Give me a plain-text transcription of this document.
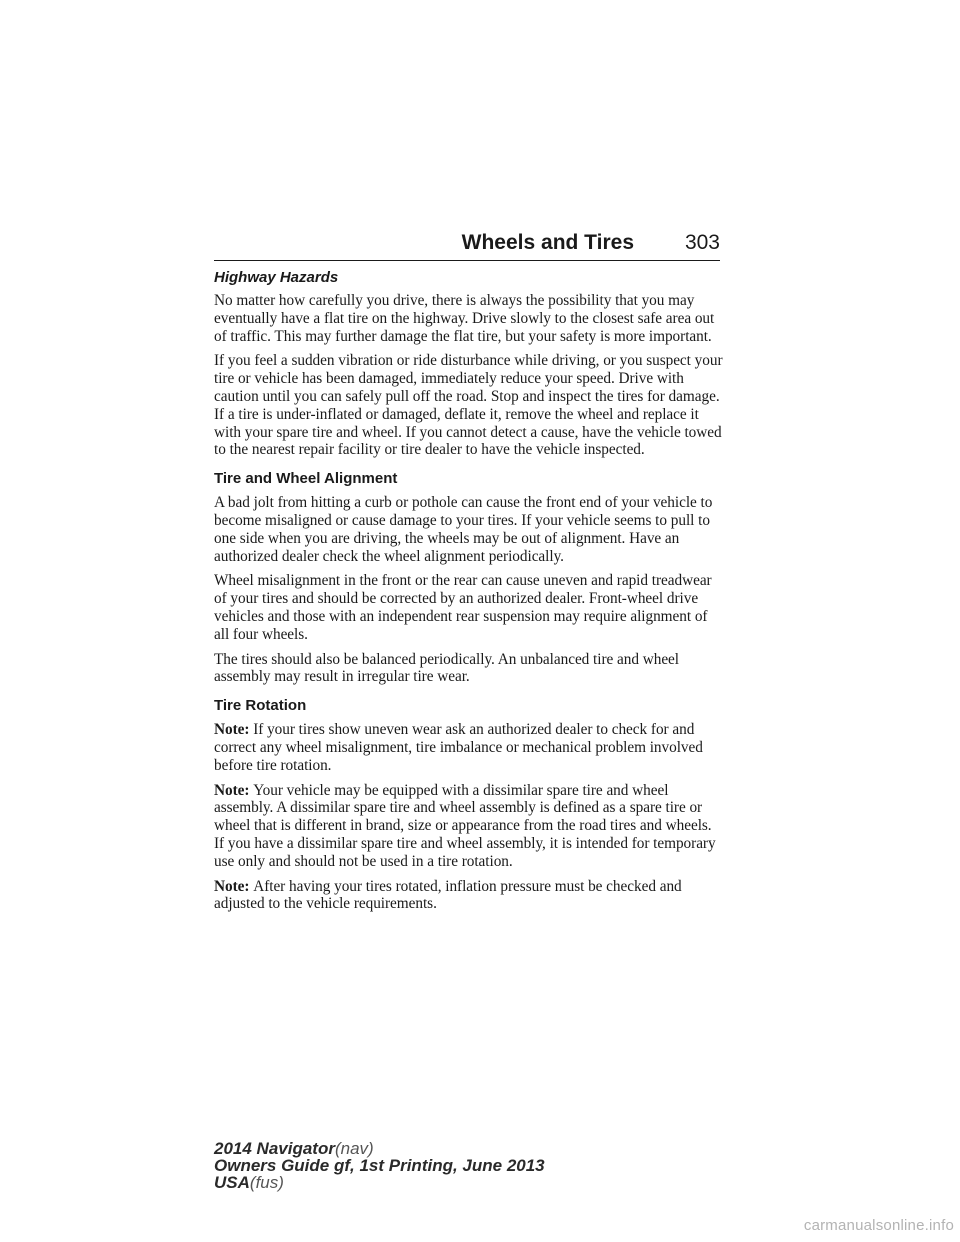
Wheels and Tires 303
Highway Hazards

No matter how carefully you drive, there is always the possibility that you may eventually have a flat tire on the highway. Drive slowly to the closest safe area out of traffic. This may further damage the flat tire, but your safety is more important.

If you feel a sudden vibration or ride disturbance while driving, or you suspect your tire or vehicle has been damaged, immediately reduce your speed. Drive with caution until you can safely pull off the road. Stop and inspect the tires for damage. If a tire is under-inflated or damaged, deflate it, remove the wheel and replace it with your spare tire and wheel. If you cannot detect a cause, have the vehicle towed to the nearest repair facility or tire dealer to have the vehicle inspected.

Tire and Wheel Alignment

A bad jolt from hitting a curb or pothole can cause the front end of your vehicle to become misaligned or cause damage to your tires. If your vehicle seems to pull to one side when you are driving, the wheels may be out of alignment. Have an authorized dealer check the wheel alignment periodically.

Wheel misalignment in the front or the rear can cause uneven and rapid treadwear of your tires and should be corrected by an authorized dealer. Front-wheel drive vehicles and those with an independent rear suspension may require alignment of all four wheels.

The tires should also be balanced periodically. An unbalanced tire and wheel assembly may result in irregular tire wear.

Tire Rotation

Note: If your tires show uneven wear ask an authorized dealer to check for and correct any wheel misalignment, tire imbalance or mechanical problem involved before tire rotation.

Note: Your vehicle may be equipped with a dissimilar spare tire and wheel assembly. A dissimilar spare tire and wheel assembly is defined as a spare tire or wheel that is different in brand, size or appearance from the road tires and wheels. If you have a dissimilar spare tire and wheel assembly, it is intended for temporary use only and should not be used in a tire rotation.

Note: After having your tires rotated, inflation pressure must be checked and adjusted to the vehicle requirements.

2014 Navigator(nav)
Owners Guide gf, 1st Printing, June 2013
USA(fus)
carmanualsonline.info
